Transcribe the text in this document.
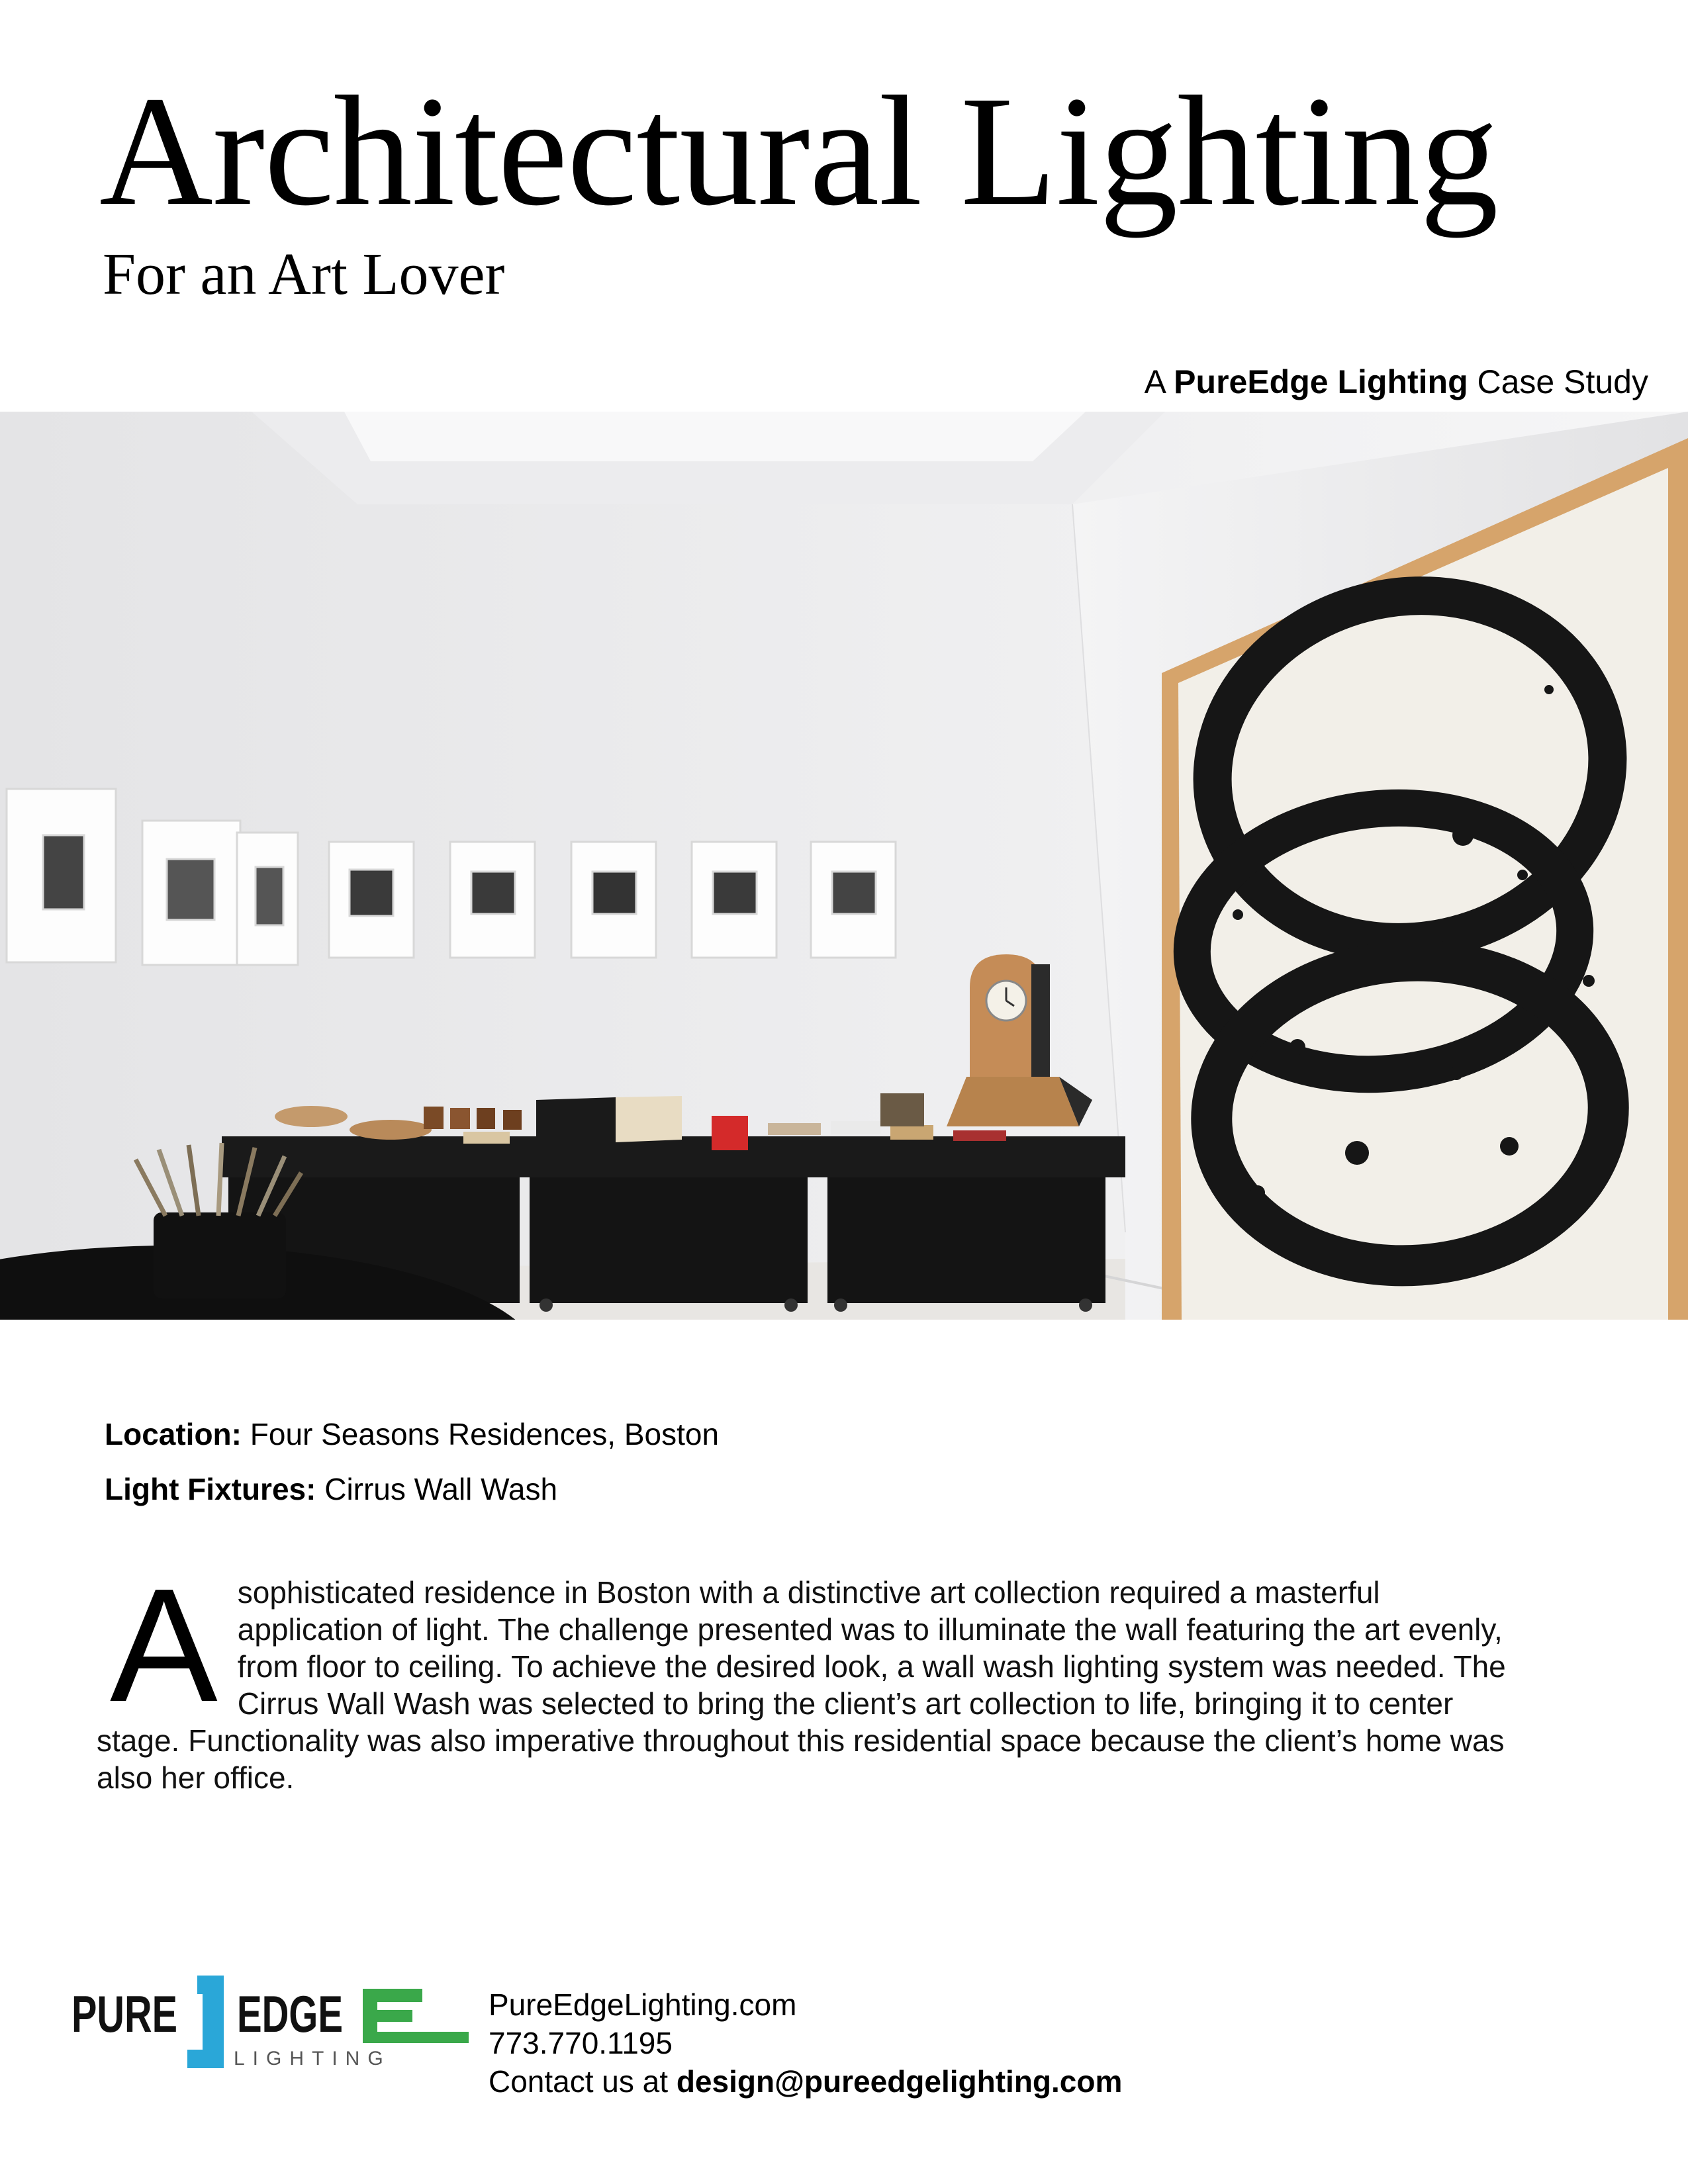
Architectural Lighting
For an Art Lover
A PureEdge Lighting Case Study
Location: Four Seasons Residences, Boston
Light Fixtures: Cirrus Wall Wash

Asophisticated residence in Boston with a distinctive art collection required a masterful application of light. The challenge presented was to illuminate the wall featuring the art evenly, from floor to ceiling. To achieve the desired look, a wall wash lighting system was needed. The Cirrus Wall Wash was selected to bring the client’s art collection to life, bringing it to center stage. Functionality was also imperative throughout this residential space because the client’s home was also her office.

PURE EDGE
LIGHTING
PureEdgeLighting.com
773.770.1195
Contact us at design@pureedgelighting.com
